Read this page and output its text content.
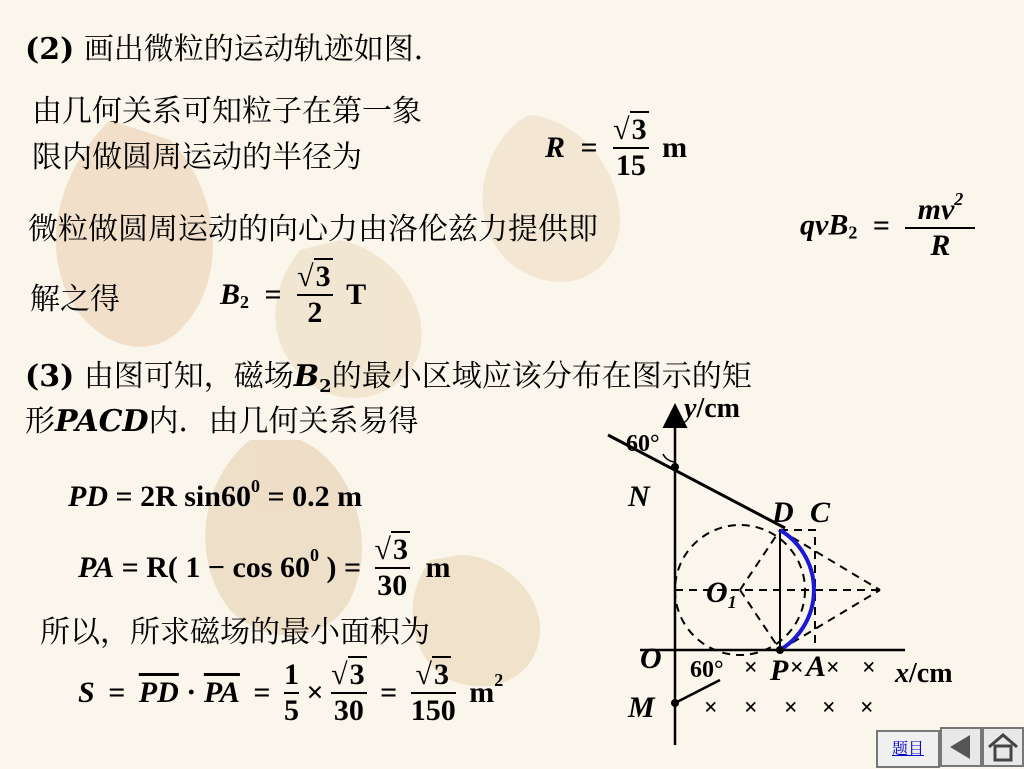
(2) 画出微粒的运动轨迹如图．
由几何关系可知粒子在第一象
限内做圆周运动的半径为	$R = \frac{√3}{15}$ m
微粒做圆周运动的向心力由洛伦兹力提供即	$qvB_2 = \frac{mv^2}{R}$
解之得	$B_2 = \frac{√3}{2}$ T
(3) 由图可知，磁场$B_2$的最小区域应该分布在图示的矩
形PACD内．由几何关系易得
PD = 2R $\sin 60^0 = 0.2$ m
PA = R( $1 - \cos 60^0$ ) = $\frac{√3}{30}$ m
所以，所求磁场的最小面积为
$S = \overline{PD} \cdot \overline{PA} = \frac{1}{5} \times \frac{√3}{30} = \frac{√3}{150} m^2$
y/cm
x/cm
60°
60°
N	D C
$O_1$
O	P A
M
× × × ×
× × × × ×
题目
